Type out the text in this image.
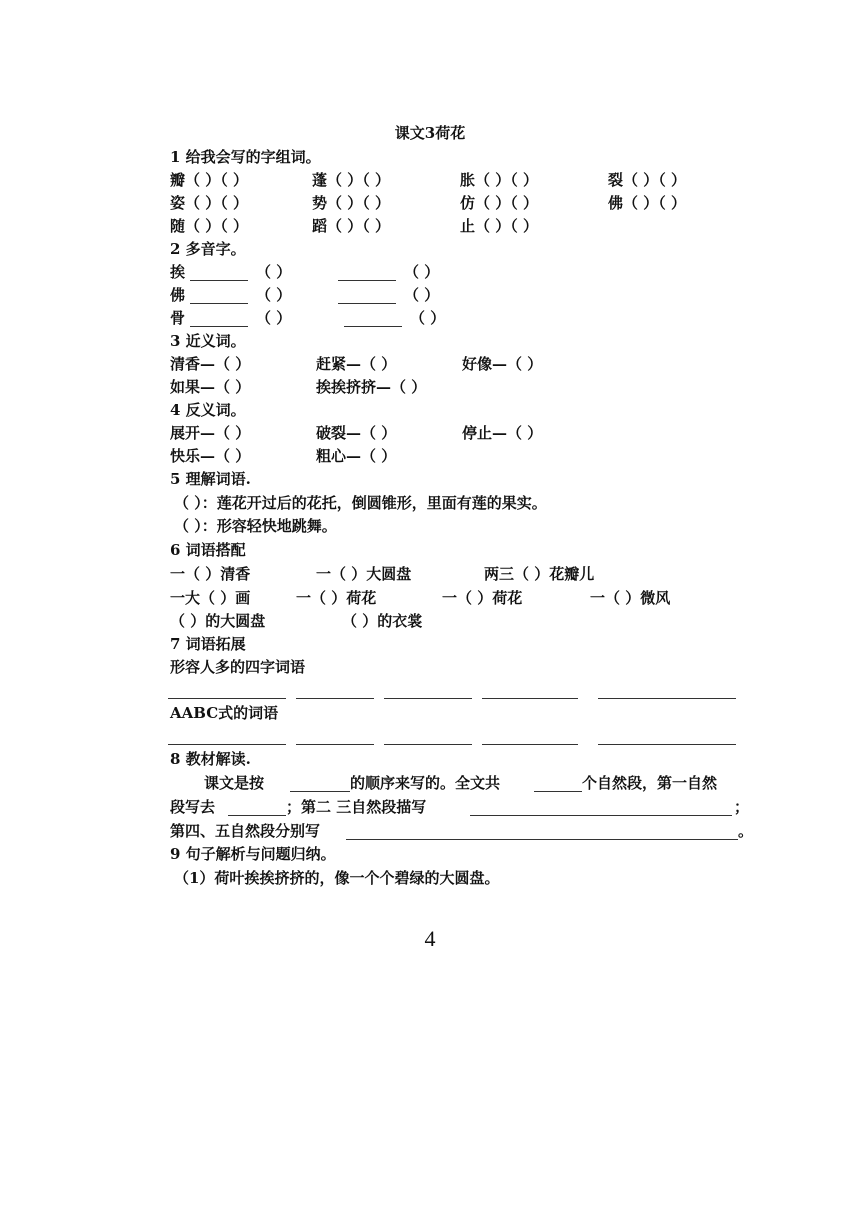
课文3荷花
1 给我会写的字组词。
瓣（ ）（ ）	蓬（ ）（ ）	胀（ ）（ ）	裂（ ）（ ）
姿（ ）（ ）	势（ ）（ ）	仿（ ）（ ）	佛（ ）（ ）
随（ ）（ ）	蹈（ ）（ ）	止（ ）（ ）
2 多音字。
挨	（ ）	（ ）
佛	（ ）	（ ）
骨	（ ）	（ ）
3 近义词。
清香—（ ）	赶紧—（ ）	好像—（ ）
如果—（ ）	挨挨挤挤—（ ）
4 反义词。
展开—（ ）	破裂—（ ）	停止—（ ）
快乐—（ ）	粗心—（ ）
5 理解词语.
（ ）：莲花开过后的花托，倒圆锥形，里面有莲的果实。
（ ）：形容轻快地跳舞。
6 词语搭配
一（ ）清香	一（ ）大圆盘	两三（ ）花瓣儿
一大（ ）画	一（ ）荷花	一（ ）荷花	一（ ）微风
（ ）的大圆盘	（ ）的衣裳
7 词语拓展
形容人多的四字词语
AABC式的词语
8 教材解读.
课文是按	的顺序来写的。全文共	个自然段，第一自然
段写去	；第二 三自然段描写	；
第四、五自然段分别写	。
9 句子解析与问题归纳。
（1）荷叶挨挨挤挤的，像一个个碧绿的大圆盘。
4
